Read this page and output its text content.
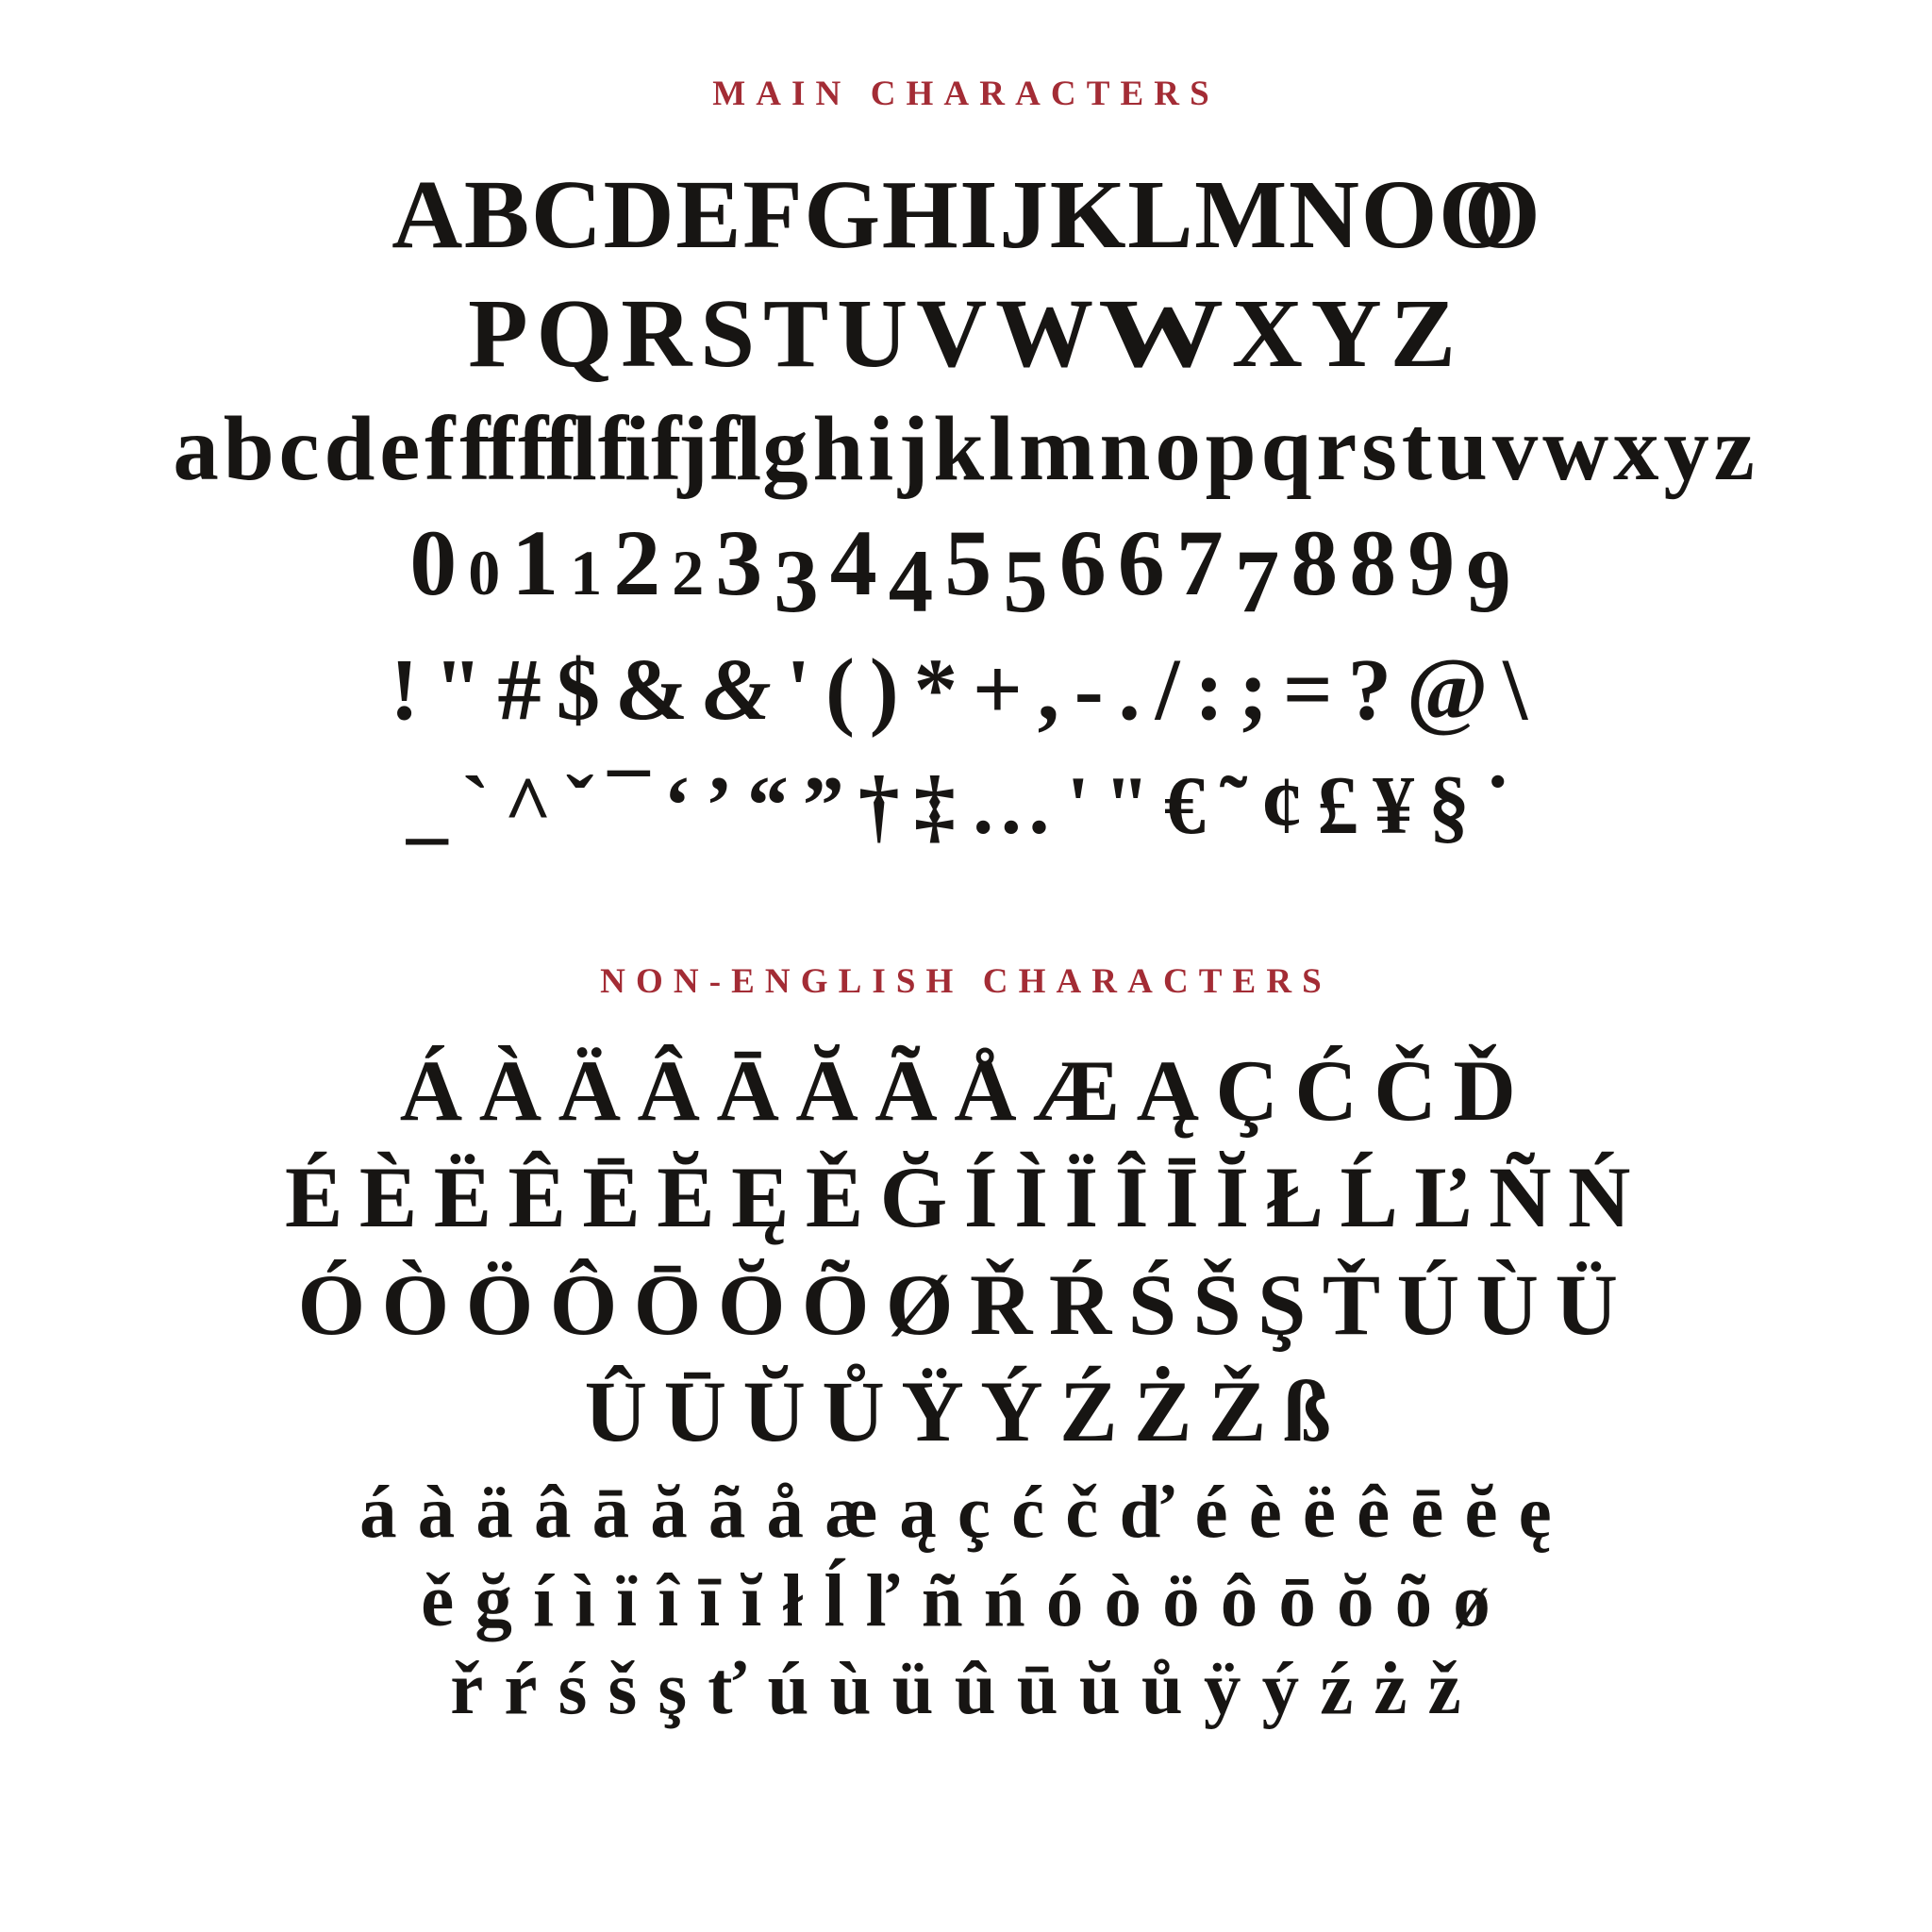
MAIN CHARACTERS
ABCDEFGHIJKLMNOOO
PQRSTUVWWXYZ
abcdeffffflfifjflghijklmnopqrstuvwxyz
00112233445566778899
!"#$&&'()*+,-./:;=?@\
_`^ˇ¯‘’“”†‡…'"€˜¢£¥§˙
NON-ENGLISH CHARACTERS
ÁÀÄÂĀĂÃÅÆĄÇĆČĎ
ÉÈËÊĒĔĘĚĞÍÌÏÎĪĬŁĹĽÑŃ
ÓÒÖÔŌŎÕØŘŔŚŠŞŤÚÙÜ
ÛŪŬŮŸÝŹŻŽß
áàäâāăãåæąçćčďéèëêēĕę
ěğíìïîīĭłĺľñńóòöôōŏõø
řŕśšşťúùüûūŭůÿýźżž
